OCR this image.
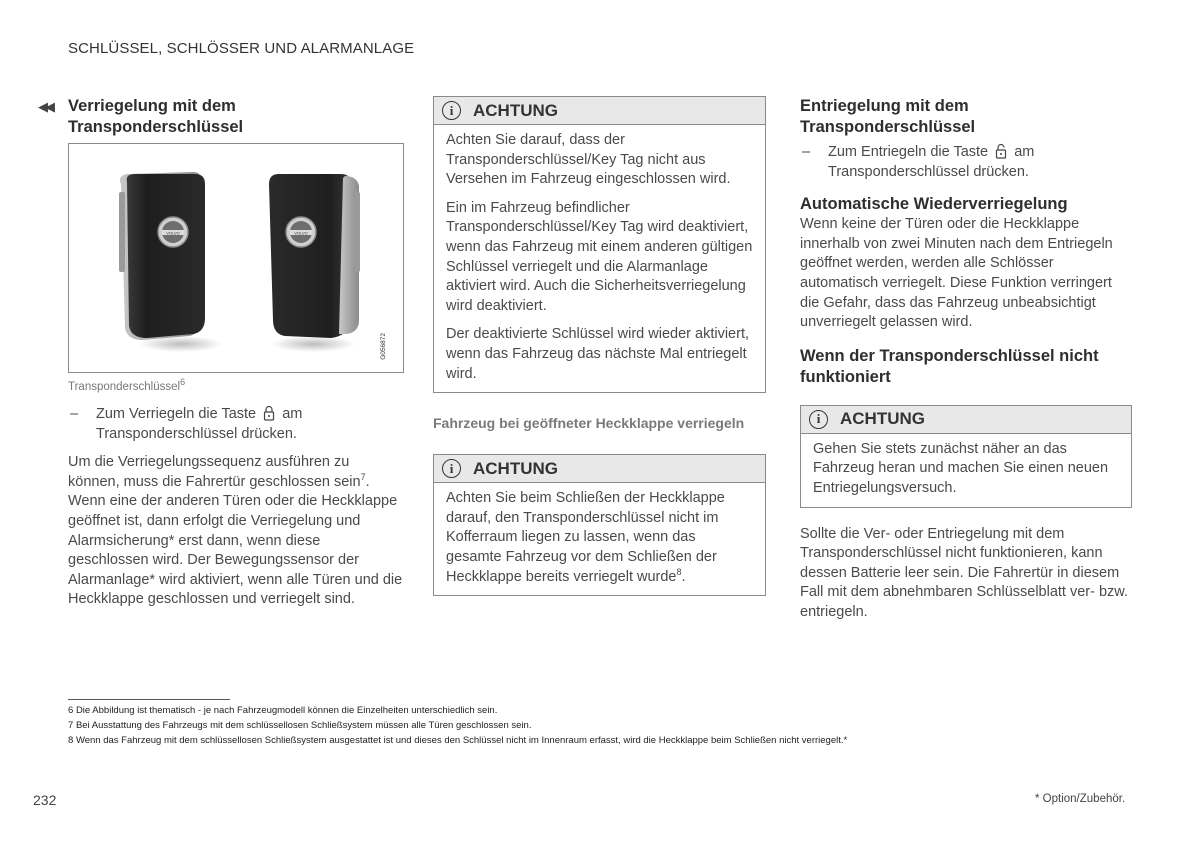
SCHLÜSSEL, SCHLÖSSER UND ALARMANLAGE
◀◀ Verriegelung mit dem Transponderschlüssel
VOLVO	VOLVO
G056872
Transponderschlüssel$^6$
–	Zum Verriegeln die Taste am Transponderschlüssel drücken.

Um die Verriegelungssequenz ausführen zu können, muss die Fahrertür geschlossen sein$^7$. Wenn eine der anderen Türen oder die Heckklappe geöffnet ist, dann erfolgt die Verriegelung und Alarmsicherung* erst dann, wenn diese geschlossen wird. Der Bewegungssensor der Alarmanlage* wird aktiviert, wenn alle Türen und die Heckklappe geschlossen und verriegelt sind.

i	ACHTUNG

Achten Sie darauf, dass der Transponderschlüssel/Key Tag nicht aus Versehen im Fahrzeug eingeschlossen wird.

Ein im Fahrzeug befindlicher Transponderschlüssel/Key Tag wird deaktiviert, wenn das Fahrzeug mit einem anderen gültigen Schlüssel verriegelt und die Alarmanlage aktiviert wird. Auch die Sicherheitsverriegelung wird deaktiviert.

Der deaktivierte Schlüssel wird wieder aktiviert, wenn das Fahrzeug das nächste Mal entriegelt wird.

Fahrzeug bei geöffneter Heckklappe verriegeln
i	ACHTUNG

Achten Sie beim Schließen der Heckklappe darauf, den Transponderschlüssel nicht im Kofferraum liegen zu lassen, wenn das gesamte Fahrzeug vor dem Schließen der Heckklappe bereits verriegelt wurde$^8$.

Entriegelung mit dem Transponderschlüssel
–	Zum Entriegeln die Taste am Transponderschlüssel drücken.
Automatische Wiederverriegelung

Wenn keine der Türen oder die Heckklappe innerhalb von zwei Minuten nach dem Entriegeln geöffnet werden, werden alle Schlösser automatisch verriegelt. Diese Funktion verringert die Gefahr, dass das Fahrzeug unbeabsichtigt unverriegelt gelassen wird.

Wenn der Transponderschlüssel nicht funktioniert
i	ACHTUNG

Gehen Sie stets zunächst näher an das Fahrzeug heran und machen Sie einen neuen Entriegelungsversuch.

Sollte die Ver- oder Entriegelung mit dem Transponderschlüssel nicht funktionieren, kann dessen Batterie leer sein. Die Fahrertür in diesem Fall mit dem abnehmbaren Schlüsselblatt ver- bzw. entriegeln.

6 Die Abbildung ist thematisch - je nach Fahrzeugmodell können die Einzelheiten unterschiedlich sein.
7 Bei Ausstattung des Fahrzeugs mit dem schlüssellosen Schließsystem müssen alle Türen geschlossen sein.
8 Wenn das Fahrzeug mit dem schlüssellosen Schließsystem ausgestattet ist und dieses den Schlüssel nicht im Innenraum erfasst, wird die Heckklappe beim Schließen nicht verriegelt.*
232	* Option/Zubehör.
